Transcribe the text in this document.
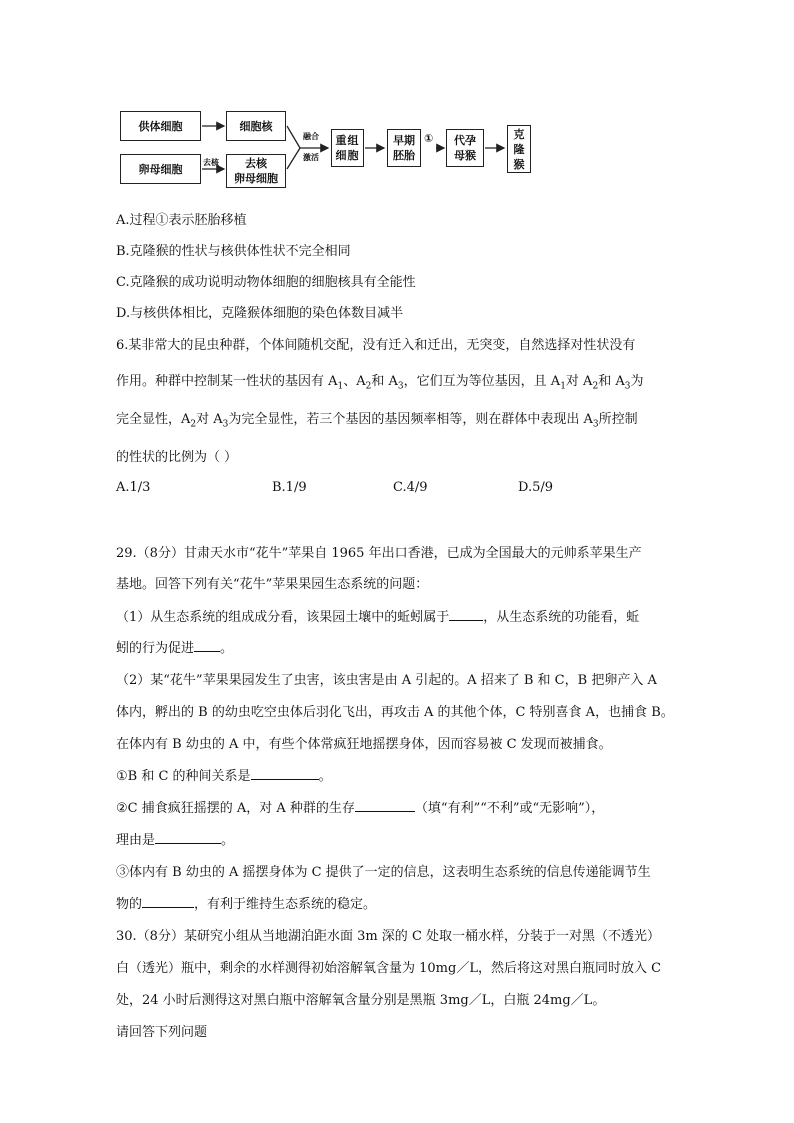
供体细胞	细胞核
卵母细胞	去核 去核
卵母细胞
融合
激活
重组细胞
早期胚胎
① 代孕母猴
克隆猴
A.过程①表示胚胎移植
B.克隆猴的性状与核供体性状不完全相同
C.克隆猴的成功说明动物体细胞的细胞核具有全能性
D.与核供体相比，克隆猴体细胞的染色体数目减半
6.某非常大的昆虫种群，个体间随机交配，没有迁入和迁出，无突变，自然选择对性状没有
作用。种群中控制某一性状的基因有 $A_1$、$A_2$和 $A_3$，它们互为等位基因，且 $A_1$对 $A_2$和 $A_3$为
完全显性，$A_2$对 $A_3$为完全显性，若三个基因的基因频率相等，则在群体中表现出 $A_3$所控制
的性状的比例为（ ）
A.1/3	B.1/9	C.4/9	D.5/9
29.（8分）甘肃天水市“花牛”苹果自 1965 年出口香港，已成为全国最大的元帅系苹果生产
基地。回答下列有关“花牛”苹果果园生态系统的问题：
（1）从生态系统的组成成分看，该果园土壤中的蚯蚓属于	，从生态系统的功能看，蚯
蚓的行为促进 。
（2）某“花牛”苹果果园发生了虫害，该虫害是由 A 引起的。A 招来了 B 和 C，B 把卵产入 A
体内，孵出的 B 的幼虫吃空虫体后羽化飞出，再攻击 A 的其他个体，C 特别喜食 A，也捕食 B。
在体内有 B 幼虫的 A 中，有些个体常疯狂地摇摆身体，因而容易被 C 发现而被捕食。
①B 和 C 的种间关系是	。
②C 捕食疯狂摇摆的 A，对 A 种群的生存	（填“有利”“不利”或“无影响”），
理由是	。
③体内有 B 幼虫的 A 摇摆身体为 C 提供了一定的信息，这表明生态系统的信息传递能调节生
物的	，有利于维持生态系统的稳定。
30.（8分）某研究小组从当地湖泊距水面 3m 深的 C 处取一桶水样，分装于一对黑（不透光）
白（透光）瓶中，剩余的水样测得初始溶解氧含量为 10mg／L，然后将这对黑白瓶同时放入 C
处，24 小时后测得这对黑白瓶中溶解氧含量分别是黑瓶 3mg／L，白瓶 24mg／L。
请回答下列问题
